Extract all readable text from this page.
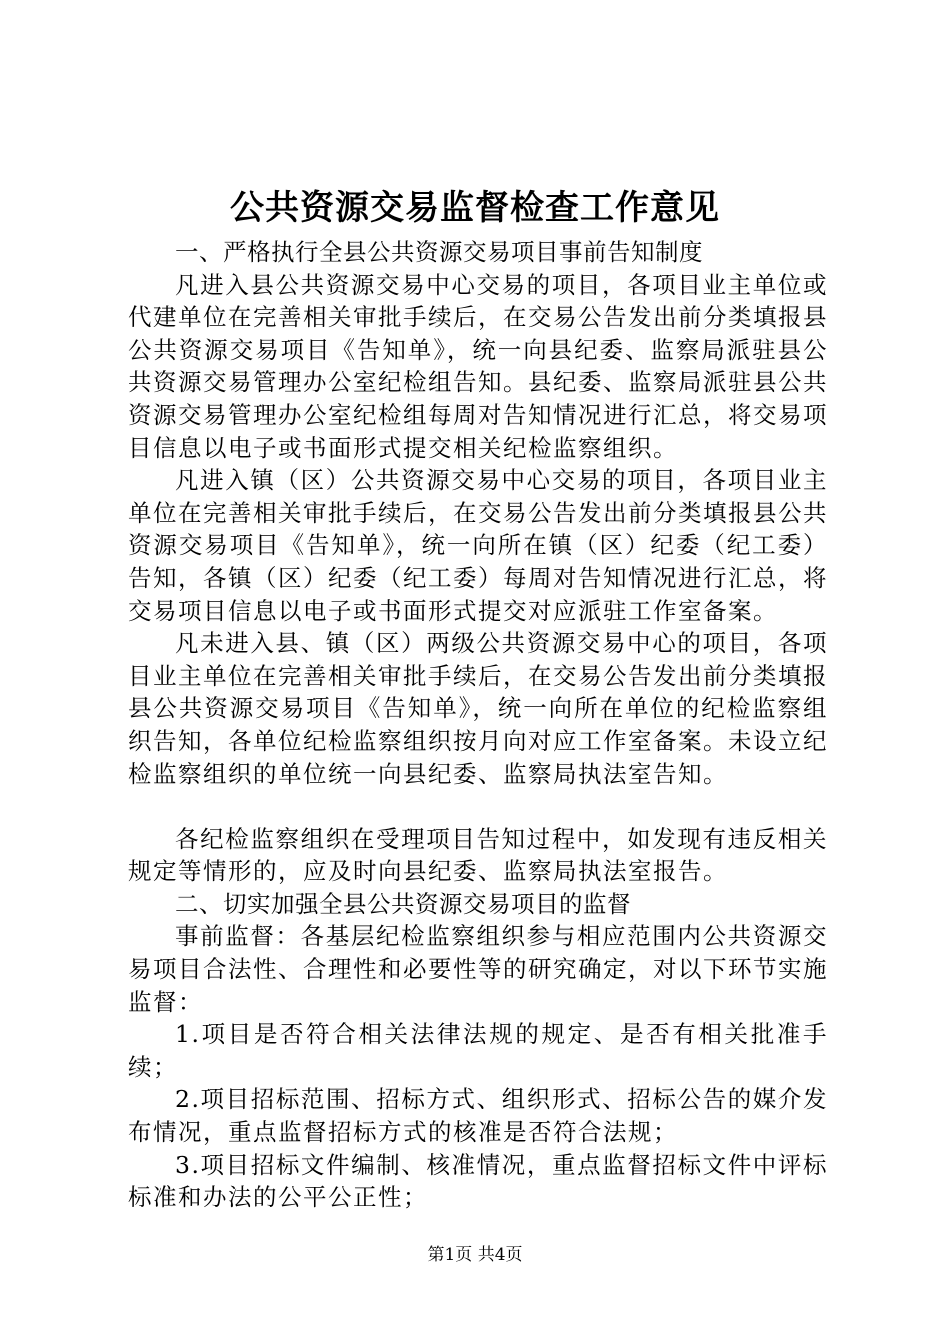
公共资源交易监督检查工作意见

一、严格执行全县公共资源交易项目事前告知制度

凡进入县公共资源交易中心交易的项目，各项目业主单位或代建单位在完善相关审批手续后，在交易公告发出前分类填报县公共资源交易项目《告知单》，统一向县纪委、监察局派驻县公共资源交易管理办公室纪检组告知。县纪委、监察局派驻县公共资源交易管理办公室纪检组每周对告知情况进行汇总，将交易项目信息以电子或书面形式提交相关纪检监察组织。

凡进入镇（区）公共资源交易中心交易的项目，各项目业主单位在完善相关审批手续后，在交易公告发出前分类填报县公共资源交易项目《告知单》，统一向所在镇（区）纪委（纪工委）告知，各镇（区）纪委（纪工委）每周对告知情况进行汇总，将交易项目信息以电子或书面形式提交对应派驻工作室备案。

凡未进入县、镇（区）两级公共资源交易中心的项目，各项目业主单位在完善相关审批手续后，在交易公告发出前分类填报县公共资源交易项目《告知单》，统一向所在单位的纪检监察组织告知，各单位纪检监察组织按月向对应工作室备案。未设立纪检监察组织的单位统一向县纪委、监察局执法室告知。

各纪检监察组织在受理项目告知过程中，如发现有违反相关规定等情形的，应及时向县纪委、监察局执法室报告。

二、切实加强全县公共资源交易项目的监督

事前监督：各基层纪检监察组织参与相应范围内公共资源交易项目合法性、合理性和必要性等的研究确定，对以下环节实施监督：

1.项目是否符合相关法律法规的规定、是否有相关批准手续；

2.项目招标范围、招标方式、组织形式、招标公告的媒介发布情况，重点监督招标方式的核准是否符合法规；

3.项目招标文件编制、核准情况，重点监督招标文件中评标标准和办法的公平公正性；

第1页 共4页
